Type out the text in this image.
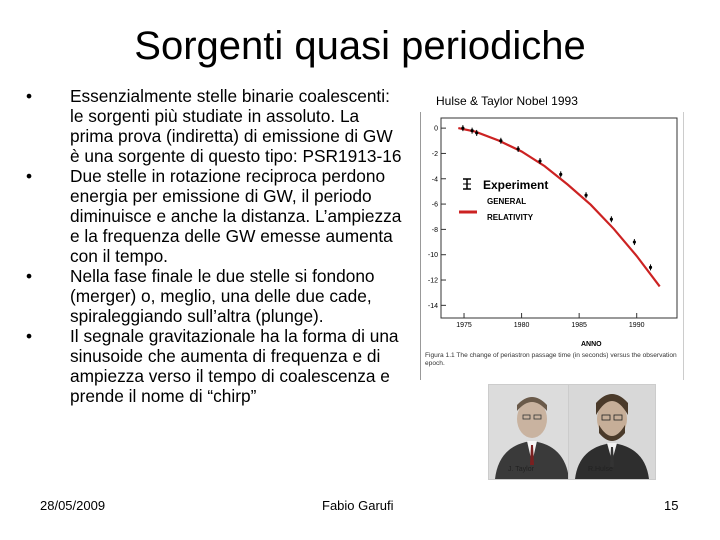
Sorgenti quasi periodiche
• Essenzialmente stelle binarie coalescenti: le sorgenti più studiate in assoluto. La prima prova (indiretta) di emissione di GW è una sorgente di questo tipo: PSR1913-16
• Due stelle in rotazione reciproca perdono energia per emissione di GW, il periodo diminuisce e anche la distanza. L’ampiezza e la frequenza delle GW emesse aumenta con il tempo.
• Nella fase finale le due stelle si fondono (merger) o, meglio, una delle due cade, spiraleggiando sull’altra (plunge).
• Il segnale gravitazionale ha la forma di una sinusoide che aumenta di frequenza e di ampiezza verso il tempo di coalescenza e prende il nome di “chirp”
Hulse & Taylor Nobel 1993
0
-2
-4
-6
-8
-10
-12
-14
1975	1980	1985	1990
Experiment
GENERAL
RELATIVITY
ANNO
Figura 1.1 The change of periastron passage time (in seconds) versus the observation epoch.
J. Taylor	R.Hulse
28/05/2009	Fabio Garufi	15
